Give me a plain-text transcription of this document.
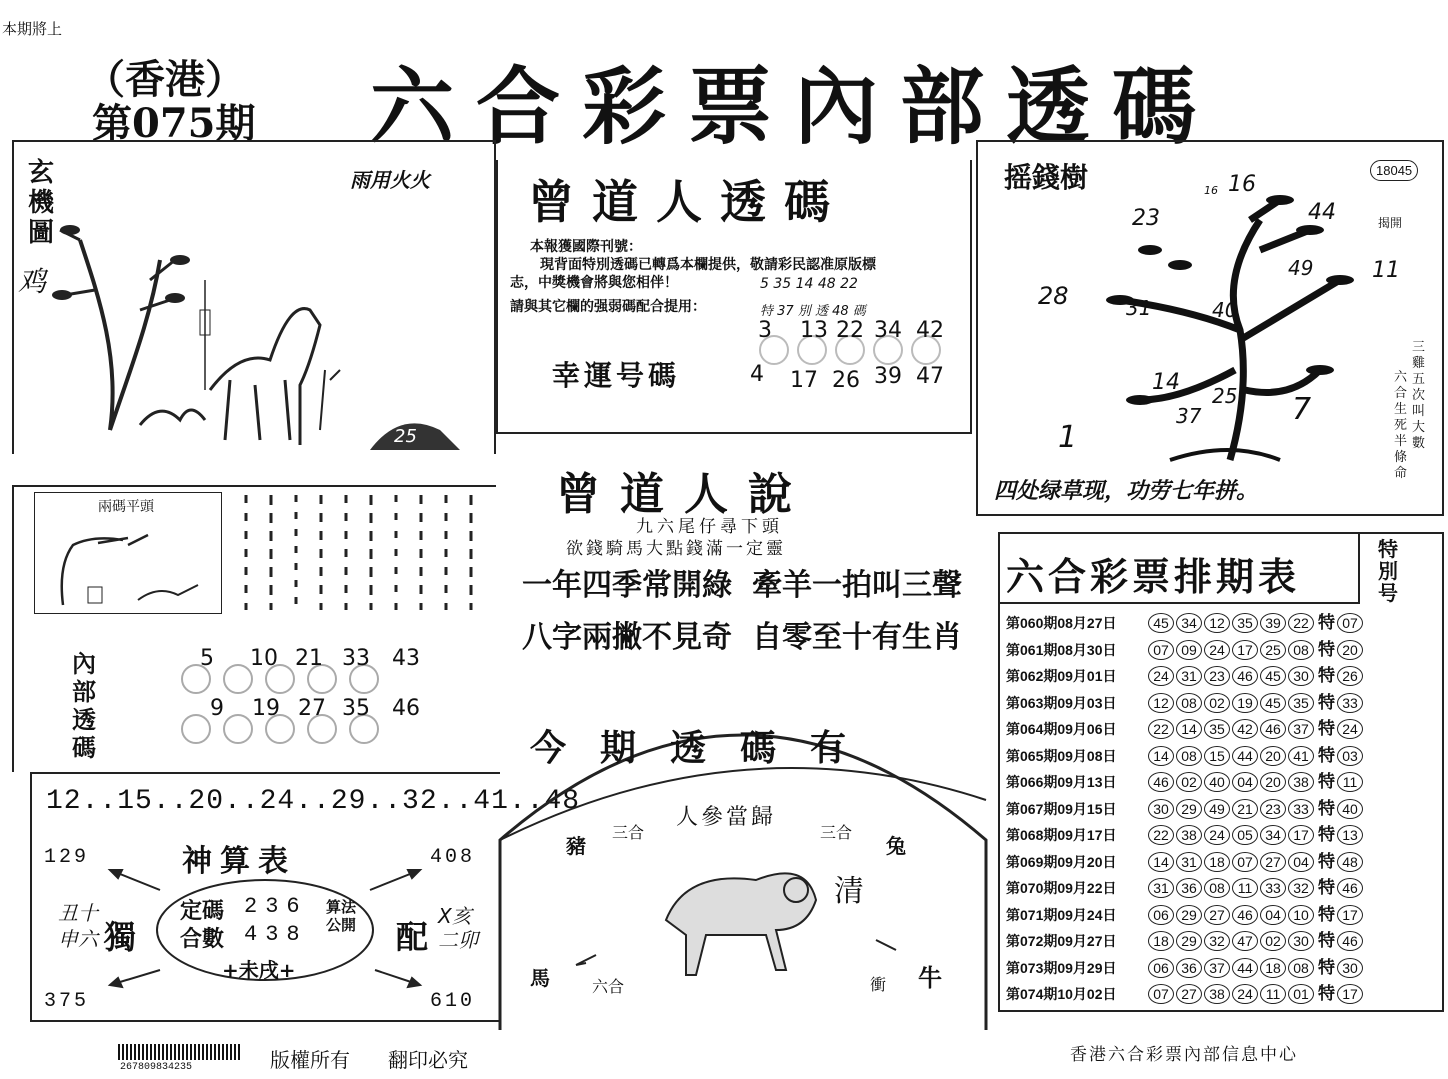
本期將上
（香港）
第075期 六合彩票內部透碼
玄機圖
鸡
雨用火火
25
兩碼平頭
內部透碼
5 10 21 33 43
9 19 27 35 46
12..15..20..24..29..32..41..48
神算表
129	408
375	610
丑十申六 獨	配
X亥二卯
定碼 236
合數 438
算法公開
+未戌+
曾道人透碼
本報獲國際刊號：
現背面特別透碼已轉爲本欄提供，敬請彩民認准原版標
志，中獎機會將與您相伴！
請與其它欄的强弱碼配合提用：
5 35 14 48 22
特 37 別 透 48 碼
幸運号碼
3 13 22 34 42
4 17 26 39 47
曾道人說
九六尾仔尋下頭
欲錢騎馬大點錢滿一定靈
一年四季常開綠 牽羊一拍叫三聲
八字兩撇不見奇 自零至十有生肖
今期透碼有
人參當歸
豬
三合	三合
兔
清
馬	六合	衝 牛
摇錢樹	18045
揭開
16
16
44
23
49	11
28	31	40
14
37
25 7
1
三雞五次叫大數
六合生死半條命
四处绿草现，功劳七年拼。
六合彩票排期表
特別号
第060期08月27日	45 34 12 35 39 22 特 07
第061期08月30日	07 09 24 17 25 08 特 20
第062期09月01日	24 31 23 46 45 30 特 26
第063期09月03日	12 08 02 19 45 35 特 33
第064期09月06日	22 14 35 42 46 37 特 24
第065期09月08日	14 08 15 44 20 41 特 03
第066期09月13日	46 02 40 04 20 38 特 11
第067期09月15日	30 29 49 21 23 33 特 40
第068期09月17日	22 38 24 05 34 17 特 13
第069期09月20日	14 31 18 07 27 04 特 48
第070期09月22日	31 36 08 11 33 32 特 46
第071期09月24日	06 29 27 46 04 10 特 17
第072期09月27日	18 29 32 47 02 30 特 46
第073期09月29日	06 36 37 44 18 08 特 30
第074期10月02日	07 27 38 24 11 01 特 17
267809834235	版權所有 翻印必究	香港六合彩票內部信息中心
